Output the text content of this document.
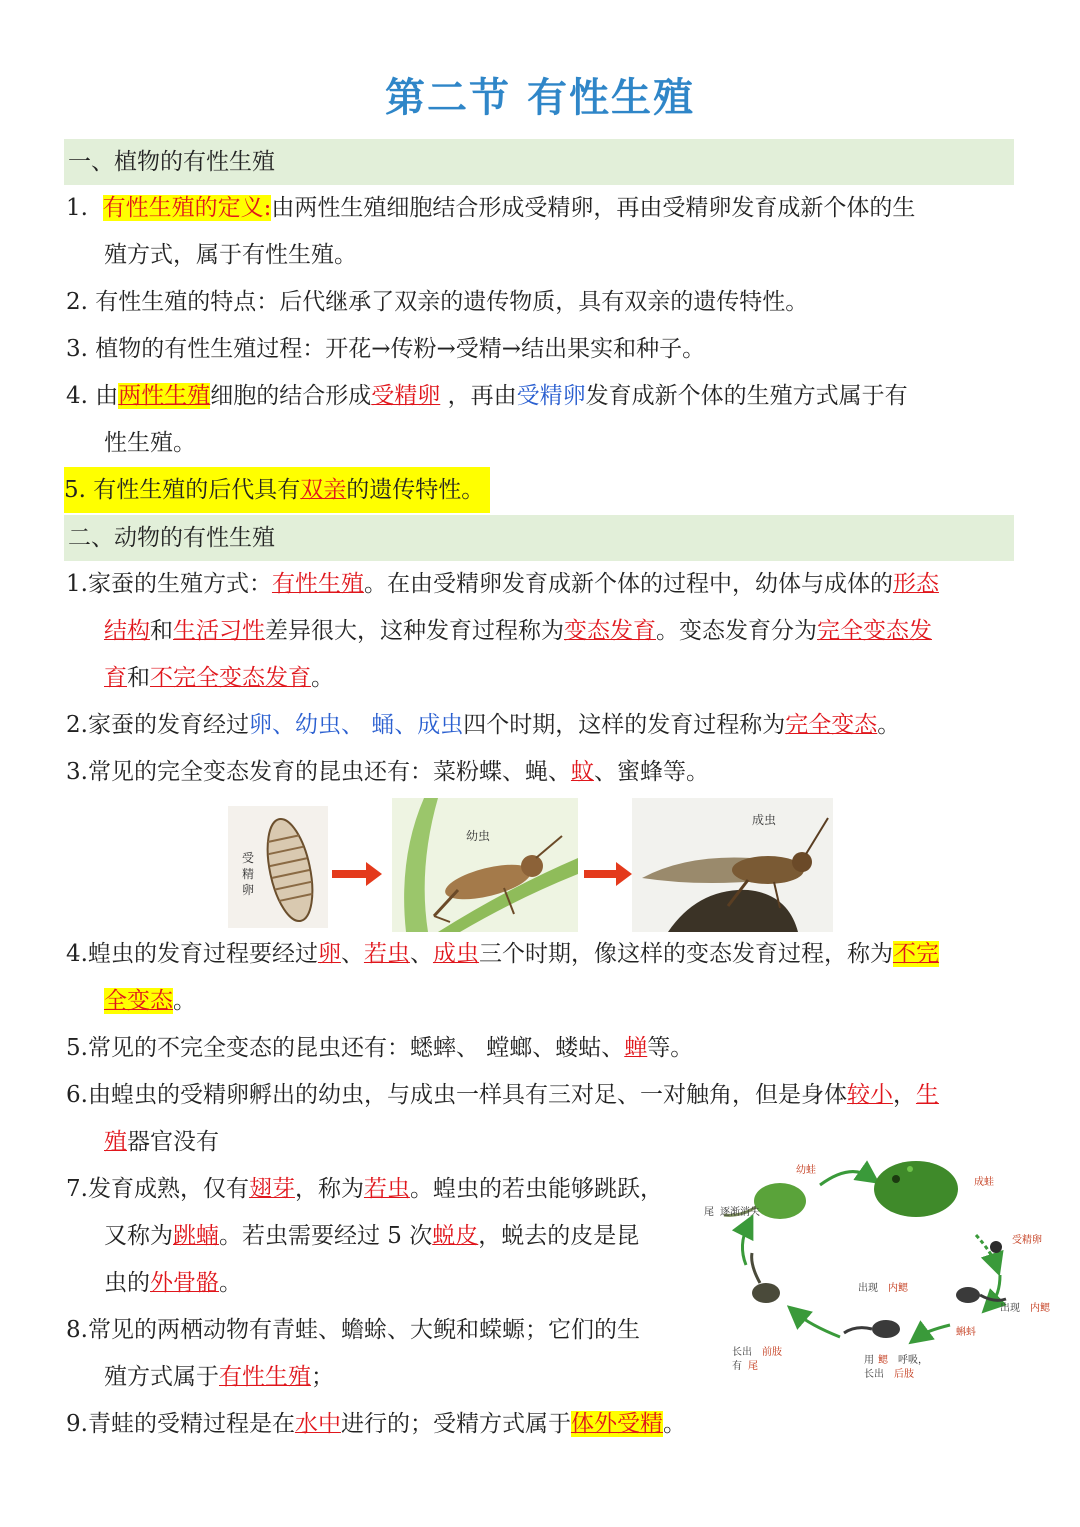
第二节 有性生殖
一、植物的有性生殖
1. 有性生殖的定义:由两性生殖细胞结合形成受精卵，再由受精卵发育成新个体的生
殖方式，属于有性生殖。
2. 有性生殖的特点：后代继承了双亲的遗传物质，具有双亲的遗传特性。
3. 植物的有性生殖过程：开花→传粉→受精→结出果实和种子。
4. 由两性生殖细胞的结合形成受精卵 ，再由受精卵发育成新个体的生殖方式属于有
性生殖。
5. 有性生殖的后代具有双亲的遗传特性。
二、动物的有性生殖
1.家蚕的生殖方式：有性生殖。在由受精卵发育成新个体的过程中，幼体与成体的形态
结构和生活习性差异很大，这种发育过程称为变态发育。变态发育分为完全变态发
育和不完全变态发育。
2.家蚕的发育经过卵、幼虫、 蛹、成虫四个时期，这样的发育过程称为完全变态。
3.常见的完全变态发育的昆虫还有：菜粉蝶、蝇、蚊、蜜蜂等。
受精卵
幼虫
成虫
4.蝗虫的发育过程要经过卵、若虫、成虫三个时期，像这样的变态发育过程，称为不完
全变态。
5.常见的不完全变态的昆虫还有：蟋蟀、 螳螂、蝼蛄、蝉等。
6.由蝗虫的受精卵孵出的幼虫，与成虫一样具有三对足、一对触角，但是身体较小，生
殖器官没有
7.发育成熟，仅有翅芽，称为若虫。蝗虫的若虫能够跳跃，
又称为跳蝻。若虫需要经过 5 次蜕皮，蜕去的皮是昆
虫的外骨骼。
8.常见的两栖动物有青蛙、蟾蜍、大鲵和蝾螈；它们的生
殖方式属于有性生殖；
9.青蛙的受精过程是在水中进行的；受精方式属于体外受精。
幼蛙
尾 逐渐消失
成蛙
受精卵
出现 内鳃
蝌蚪
出现 内鳃
用 鳃 呼吸，
长出 后肢
长出 前肢
有 尾
